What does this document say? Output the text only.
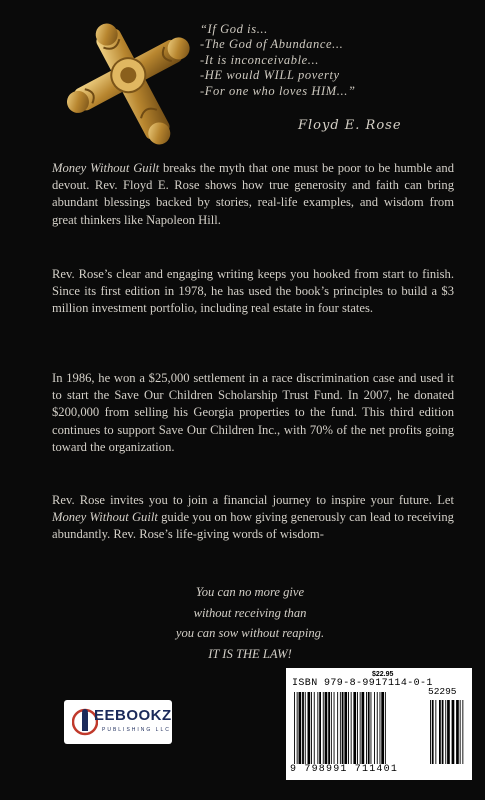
“If God is...
-The God of Abundance...
-It is inconceivable...
-HE would WILL poverty
-For one who loves HIM...”
Floyd E. Rose
Money Without Guilt breaks the myth that one must be poor to be humble and devout. Rev. Floyd E. Rose shows how true generosity and faith can bring abundant blessings backed by stories, real-life examples, and wisdom from great thinkers like Napoleon Hill.
Rev. Rose’s clear and engaging writing keeps you hooked from start to finish. Since its first edition in 1978, he has used the book’s principles to build a $3 million investment portfolio, including real estate in four states.
In 1986, he won a $25,000 settlement in a race discrimination case and used it to start the Save Our Children Scholarship Trust Fund. In 2007, he donated $200,000 from selling his Georgia properties to the fund. This third edition continues to support Save Our Children Inc., with 70% of the net profits going toward the organization.
Rev. Rose invites you to join a financial journey to inspire your future. Let Money Without Guilt guide you on how giving generously can lead to receiving abundantly. Rev. Rose’s life-giving words of wisdom-
You can no more give
without receiving than
you can sow without reaping.
IT IS THE LAW!
EEBOOKZ
PUBLISHING LLC
$22.95
ISBN 979-8-9917114-0-1
52295
9 798991 711401
